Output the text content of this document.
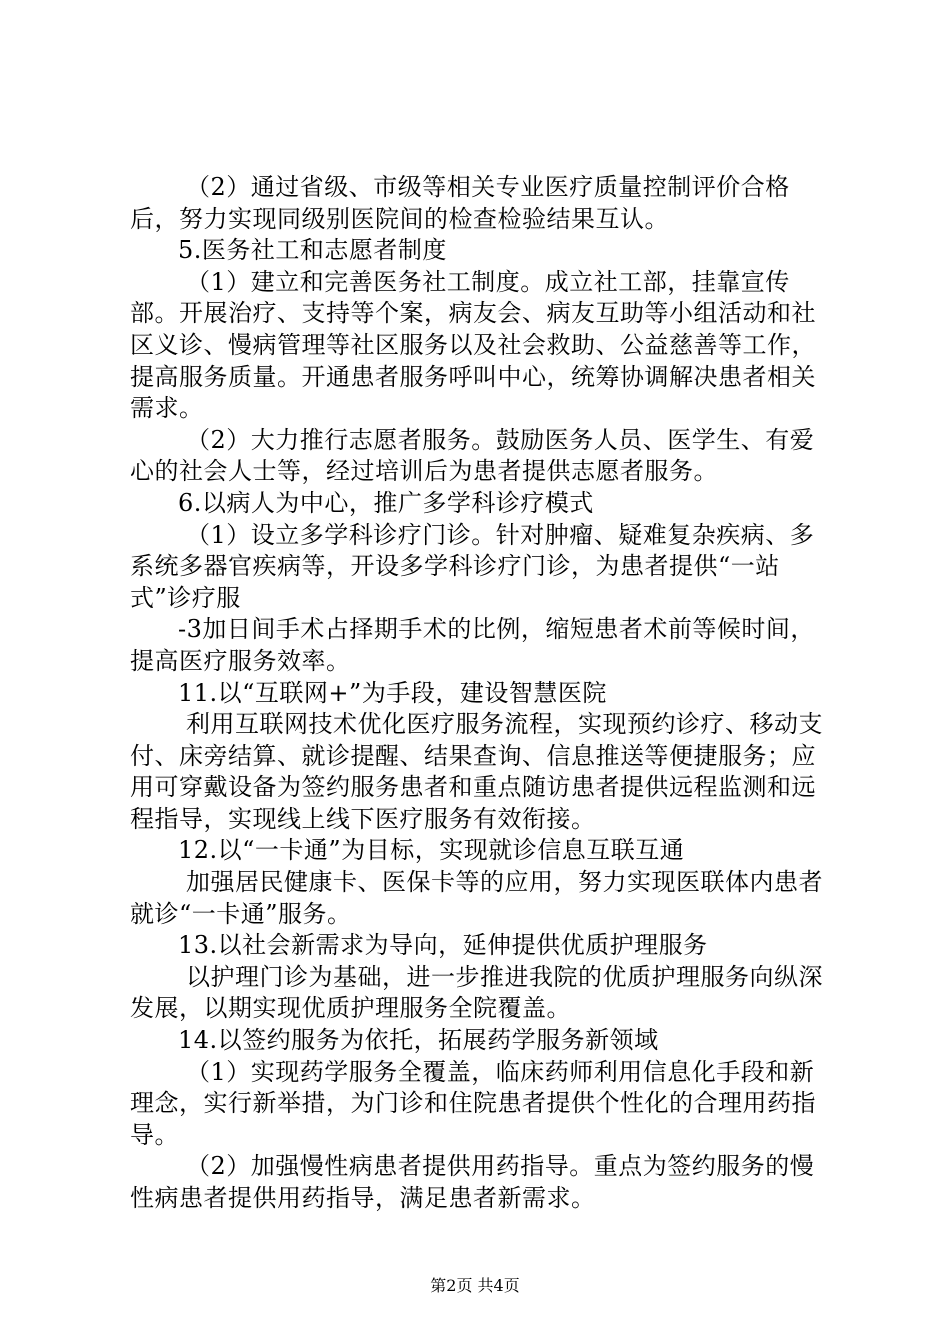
（2）通过省级、市级等相关专业医疗质量控制评价合格后，努力实现同级别医院间的检查检验结果互认。

5.医务社工和志愿者制度

（1）建立和完善医务社工制度。成立社工部，挂靠宣传部。开展治疗、支持等个案，病友会、病友互助等小组活动和社区义诊、慢病管理等社区服务以及社会救助、公益慈善等工作，提高服务质量。开通患者服务呼叫中心，统筹协调解决患者相关需求。

（2）大力推行志愿者服务。鼓励医务人员、医学生、有爱心的社会人士等，经过培训后为患者提供志愿者服务。

6.以病人为中心，推广多学科诊疗模式

（1）设立多学科诊疗门诊。针对肿瘤、疑难复杂疾病、多系统多器官疾病等，开设多学科诊疗门诊，为患者提供“一站式”诊疗服

-3加日间手术占择期手术的比例，缩短患者术前等候时间，提高医疗服务效率。

11.以“互联网+”为手段，建设智慧医院

利用互联网技术优化医疗服务流程，实现预约诊疗、移动支付、床旁结算、就诊提醒、结果查询、信息推送等便捷服务；应用可穿戴设备为签约服务患者和重点随访患者提供远程监测和远程指导，实现线上线下医疗服务有效衔接。

12.以“一卡通”为目标，实现就诊信息互联互通

加强居民健康卡、医保卡等的应用，努力实现医联体内患者就诊“一卡通”服务。

13.以社会新需求为导向，延伸提供优质护理服务

以护理门诊为基础，进一步推进我院的优质护理服务向纵深发展，以期实现优质护理服务全院覆盖。

14.以签约服务为依托，拓展药学服务新领域

（1）实现药学服务全覆盖，临床药师利用信息化手段和新理念，实行新举措，为门诊和住院患者提供个性化的合理用药指导。

（2）加强慢性病患者提供用药指导。重点为签约服务的慢性病患者提供用药指导，满足患者新需求。

第2页 共4页
